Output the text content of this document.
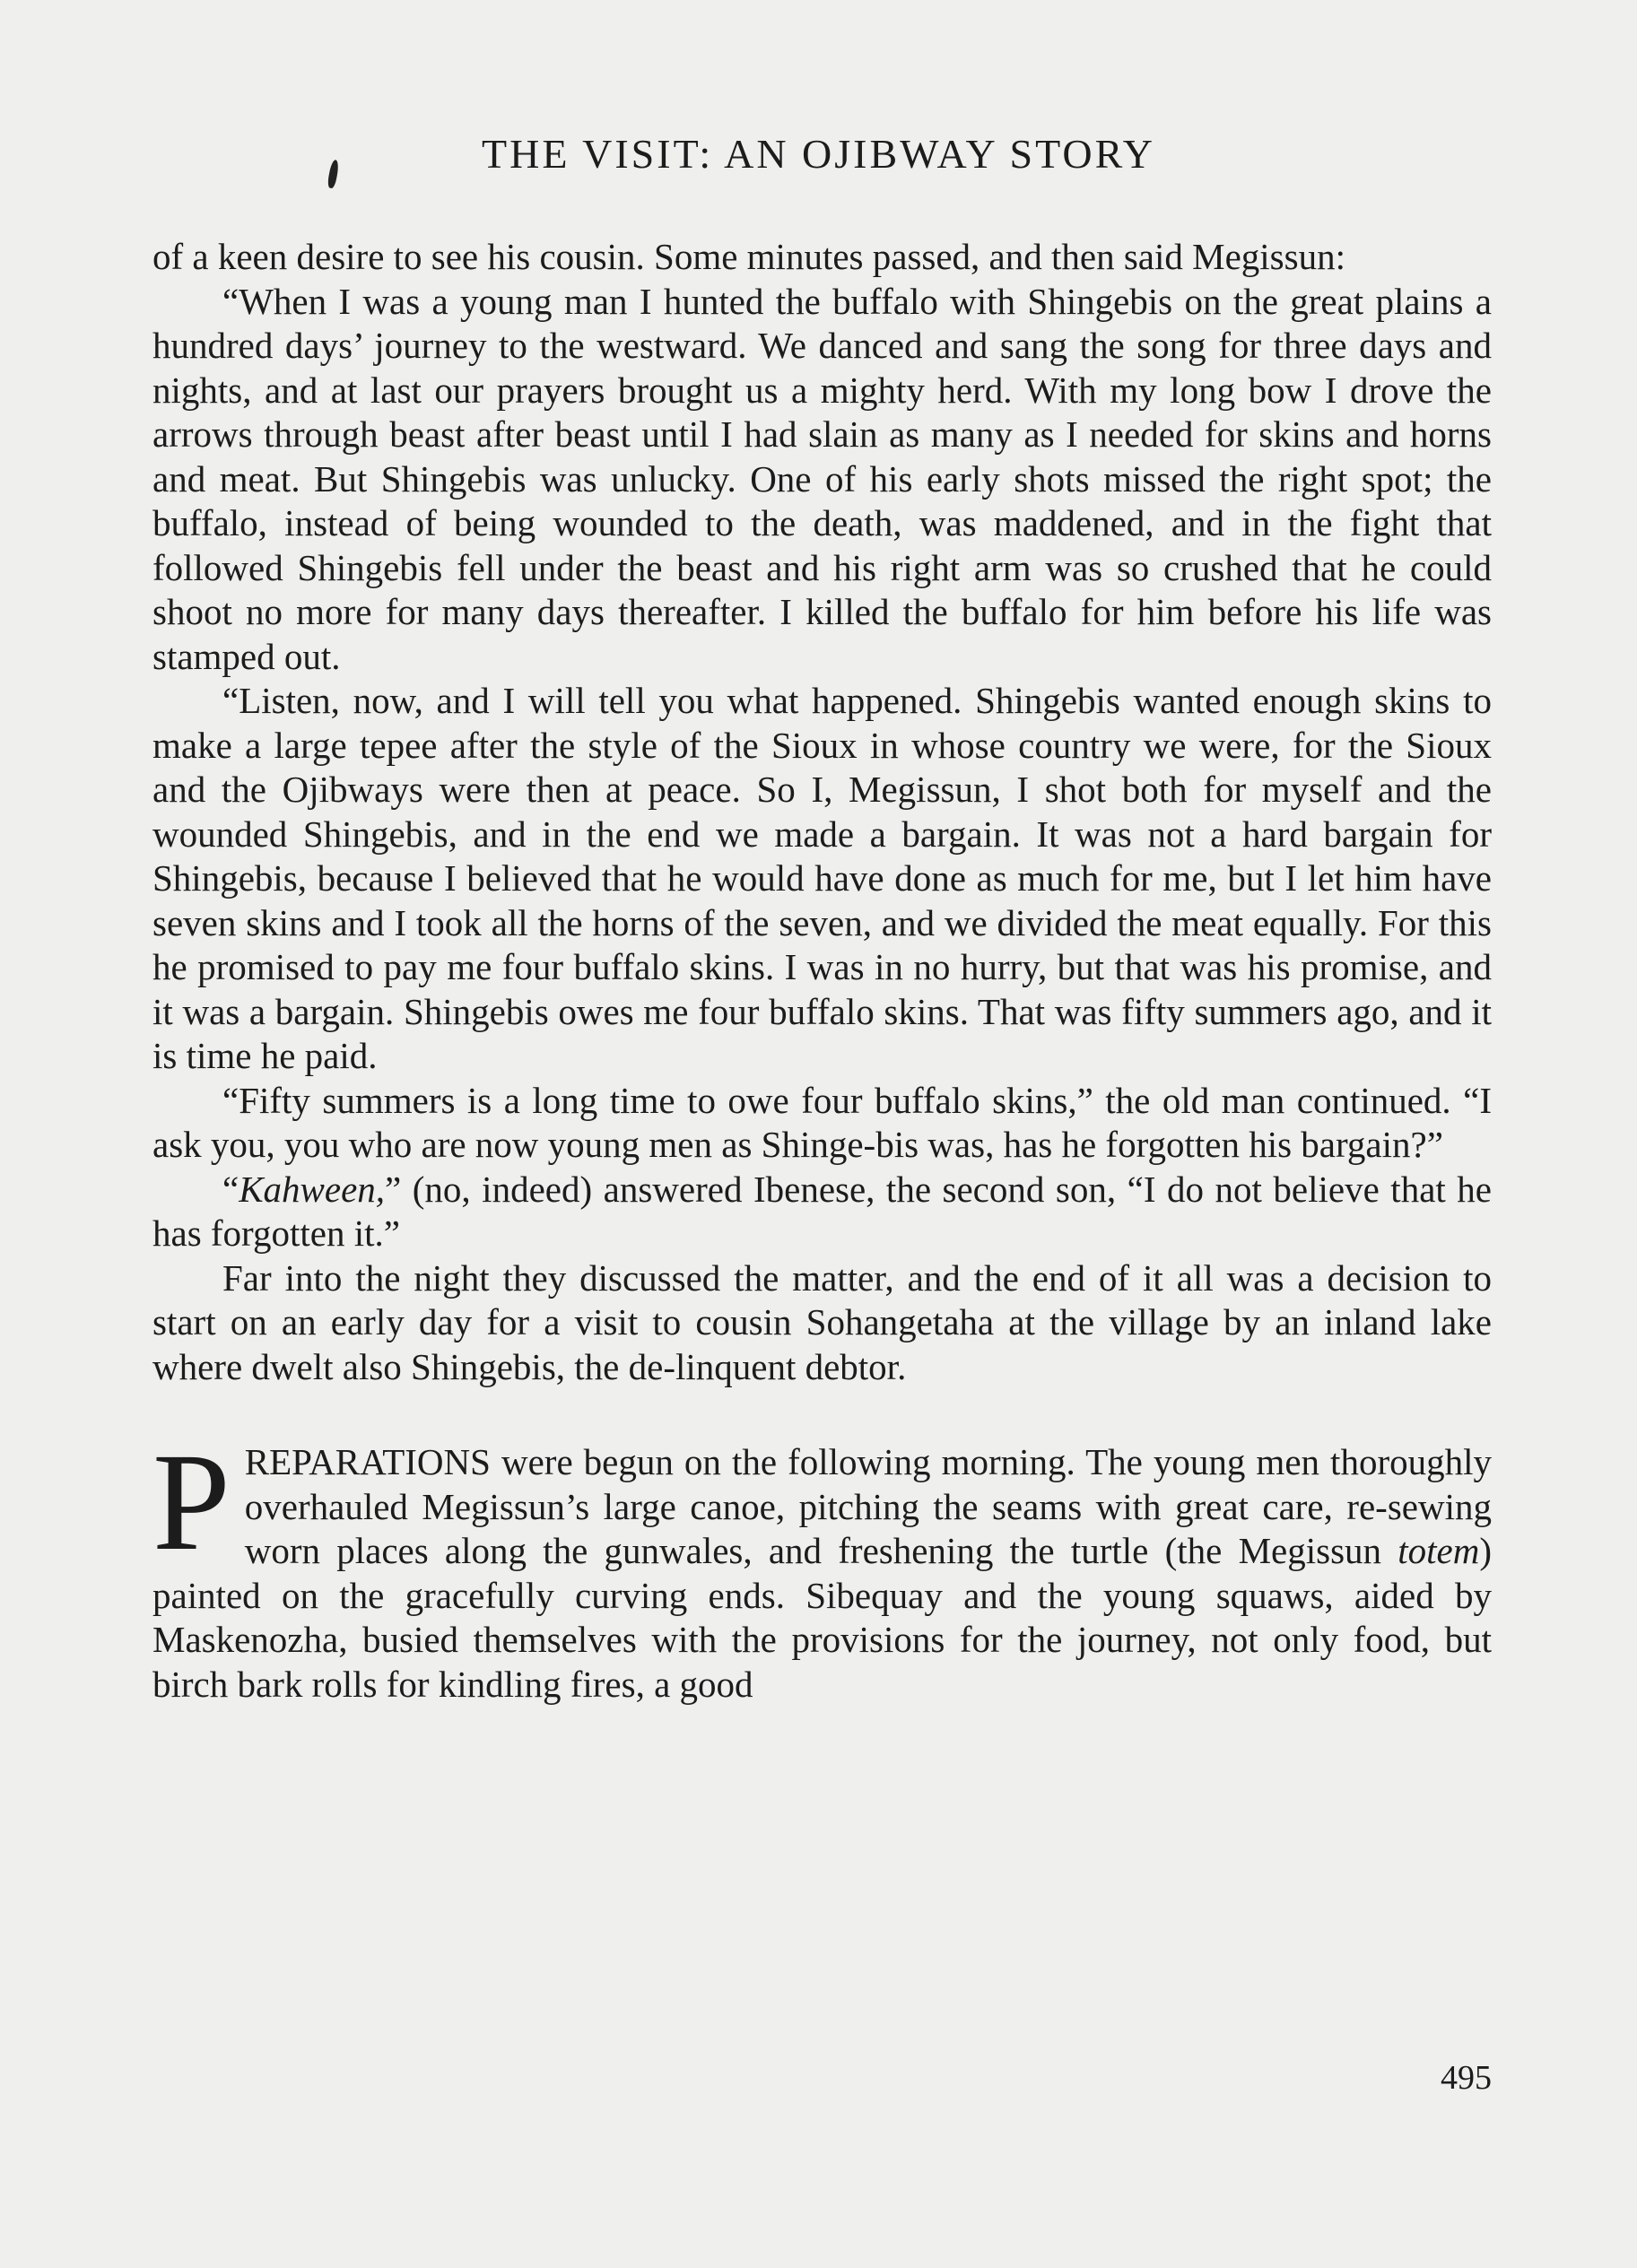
THE VISIT: AN OJIBWAY STORY

of a keen desire to see his cousin. Some minutes passed, and then said Megissun:

“When I was a young man I hunted the buffalo with Shingebis on the great plains a hundred days’ journey to the westward. We danced and sang the song for three days and nights, and at last our prayers brought us a mighty herd. With my long bow I drove the arrows through beast after beast until I had slain as many as I needed for skins and horns and meat. But Shingebis was unlucky. One of his early shots missed the right spot; the buffalo, instead of being wounded to the death, was maddened, and in the fight that followed Shingebis fell under the beast and his right arm was so crushed that he could shoot no more for many days thereafter. I killed the buffalo for him before his life was stamped out.

“Listen, now, and I will tell you what happened. Shingebis wanted enough skins to make a large tepee after the style of the Sioux in whose country we were, for the Sioux and the Ojibways were then at peace. So I, Megissun, I shot both for myself and the wounded Shingebis, and in the end we made a bargain. It was not a hard bargain for Shingebis, because I believed that he would have done as much for me, but I let him have seven skins and I took all the horns of the seven, and we divided the meat equally. For this he promised to pay me four buffalo skins. I was in no hurry, but that was his promise, and it was a bargain. Shingebis owes me four buffalo skins. That was fifty summers ago, and it is time he paid.

“Fifty summers is a long time to owe four buffalo skins,” the old man continued. “I ask you, you who are now young men as Shinge-bis was, has he forgotten his bargain?”

“Kahween,” (no, indeed) answered Ibenese, the second son, “I do not believe that he has forgotten it.”

Far into the night they discussed the matter, and the end of it all was a decision to start on an early day for a visit to cousin Sohangetaha at the village by an inland lake where dwelt also Shingebis, the de-linquent debtor.

PREPARATIONS were begun on the following morning. The young men thoroughly overhauled Megissun’s large canoe, pitching the seams with great care, re-sewing worn places along the gunwales, and freshening the turtle (the Megissun totem) painted on the gracefully curving ends. Sibequay and the young squaws, aided by Maskenozha, busied themselves with the provisions for the journey, not only food, but birch bark rolls for kindling fires, a good

495
